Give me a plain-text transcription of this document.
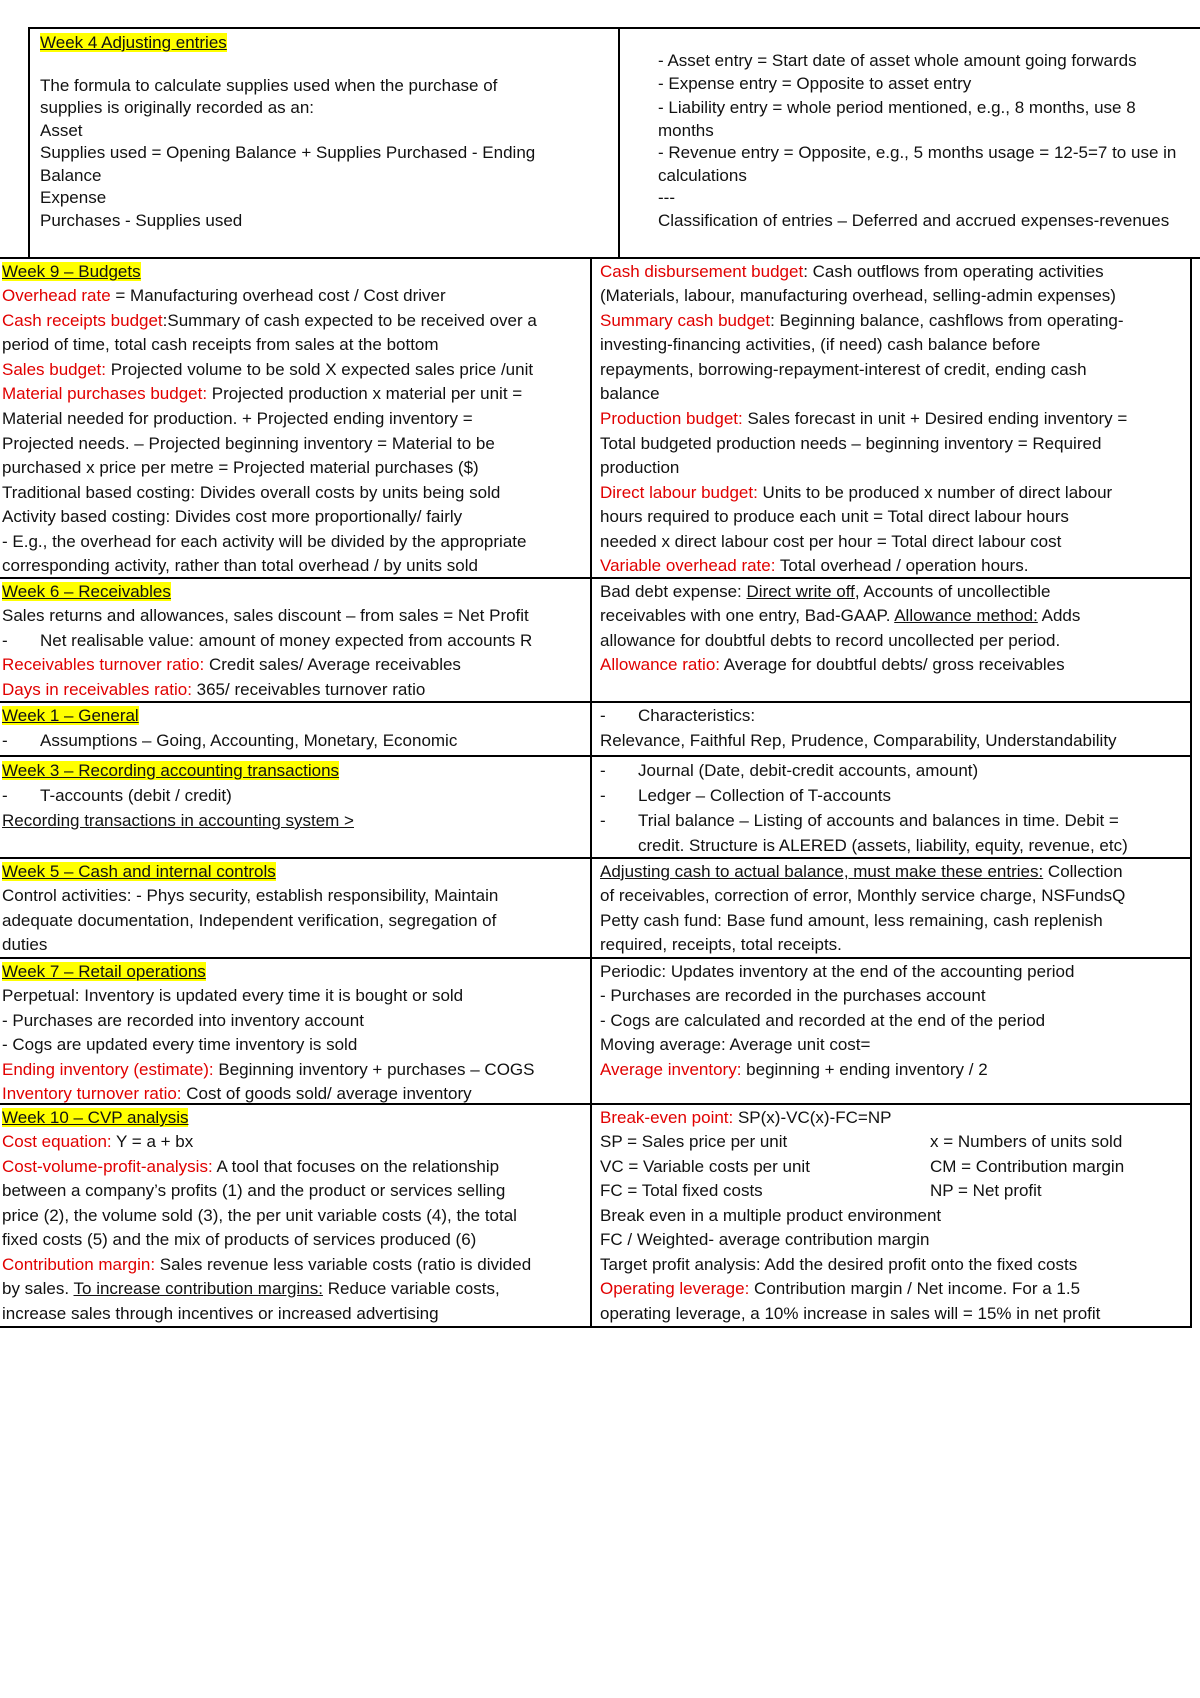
Week 4 Adjusting entries
The formula to calculate supplies used when the purchase of
supplies is originally recorded as an:
Asset
Supplies used = Opening Balance + Supplies Purchased - Ending
Balance
Expense
Purchases - Supplies used
- Asset entry = Start date of asset whole amount going forwards
- Expense entry = Opposite to asset entry
- Liability entry = whole period mentioned, e.g., 8 months, use 8
months
- Revenue entry = Opposite, e.g., 5 months usage = 12-5=7 to use in
calculations
---
Classification of entries – Deferred and accrued expenses-revenues
Week 9 – Budgets
Overhead rate = Manufacturing overhead cost / Cost driver
Cash receipts budget:Summary of cash expected to be received over a
period of time, total cash receipts from sales at the bottom
Sales budget: Projected volume to be sold X expected sales price /unit
Material purchases budget: Projected production x material per unit =
Material needed for production. + Projected ending inventory =
Projected needs. – Projected beginning inventory = Material to be
purchased x price per metre = Projected material purchases ($)
Traditional based costing: Divides overall costs by units being sold
Activity based costing: Divides cost more proportionally/ fairly
- E.g., the overhead for each activity will be divided by the appropriate
corresponding activity, rather than total overhead / by units sold
Cash disbursement budget: Cash outflows from operating activities
(Materials, labour, manufacturing overhead, selling-admin expenses)
Summary cash budget: Beginning balance, cashflows from operating-
investing-financing activities, (if need) cash balance before
repayments, borrowing-repayment-interest of credit, ending cash
balance
Production budget: Sales forecast in unit + Desired ending inventory =
Total budgeted production needs – beginning inventory = Required
production
Direct labour budget: Units to be produced x number of direct labour
hours required to produce each unit = Total direct labour hours
needed x direct labour cost per hour = Total direct labour cost
Variable overhead rate: Total overhead / operation hours.
Week 6 – Receivables
Sales returns and allowances, sales discount – from sales = Net Profit
- Net realisable value: amount of money expected from accounts R
Receivables turnover ratio: Credit sales/ Average receivables
Days in receivables ratio: 365/ receivables turnover ratio
Bad debt expense: Direct write off, Accounts of uncollectible
receivables with one entry, Bad-GAAP. Allowance method: Adds
allowance for doubtful debts to record uncollected per period.
Allowance ratio: Average for doubtful debts/ gross receivables
Week 1 – General
- Assumptions – Going, Accounting, Monetary, Economic
- Characteristics:
Relevance, Faithful Rep, Prudence, Comparability, Understandability
Week 3 – Recording accounting transactions
- T-accounts (debit / credit)
Recording transactions in accounting system >
- Journal (Date, debit-credit accounts, amount)
- Ledger – Collection of T-accounts
- Trial balance – Listing of accounts and balances in time. Debit =
credit. Structure is ALERED (assets, liability, equity, revenue, etc)
Week 5 – Cash and internal controls
Control activities: - Phys security, establish responsibility, Maintain
adequate documentation, Independent verification, segregation of
duties
Adjusting cash to actual balance, must make these entries: Collection
of receivables, correction of error, Monthly service charge, NSFundsQ
Petty cash fund: Base fund amount, less remaining, cash replenish
required, receipts, total receipts.
Week 7 – Retail operations
Perpetual: Inventory is updated every time it is bought or sold
- Purchases are recorded into inventory account
- Cogs are updated every time inventory is sold
Ending inventory (estimate): Beginning inventory + purchases – COGS
Inventory turnover ratio: Cost of goods sold/ average inventory
Periodic: Updates inventory at the end of the accounting period
- Purchases are recorded in the purchases account
- Cogs are calculated and recorded at the end of the period
Moving average: Average unit cost=
Average inventory: beginning + ending inventory / 2
Week 10 – CVP analysis
Cost equation: Y = a + bx
Cost-volume-profit-analysis: A tool that focuses on the relationship
between a company’s profits (1) and the product or services selling
price (2), the volume sold (3), the per unit variable costs (4), the total
fixed costs (5) and the mix of products of services produced (6)
Contribution margin: Sales revenue less variable costs (ratio is divided
by sales. To increase contribution margins: Reduce variable costs,
increase sales through incentives or increased advertising
Break-even point: SP(x)-VC(x)-FC=NP
SP = Sales price per unit	x = Numbers of units sold
VC = Variable costs per unit	CM = Contribution margin
FC = Total fixed costs	NP = Net profit
Break even in a multiple product environment
FC / Weighted- average contribution margin
Target profit analysis: Add the desired profit onto the fixed costs
Operating leverage: Contribution margin / Net income. For a 1.5
operating leverage, a 10% increase in sales will = 15% in net profit
